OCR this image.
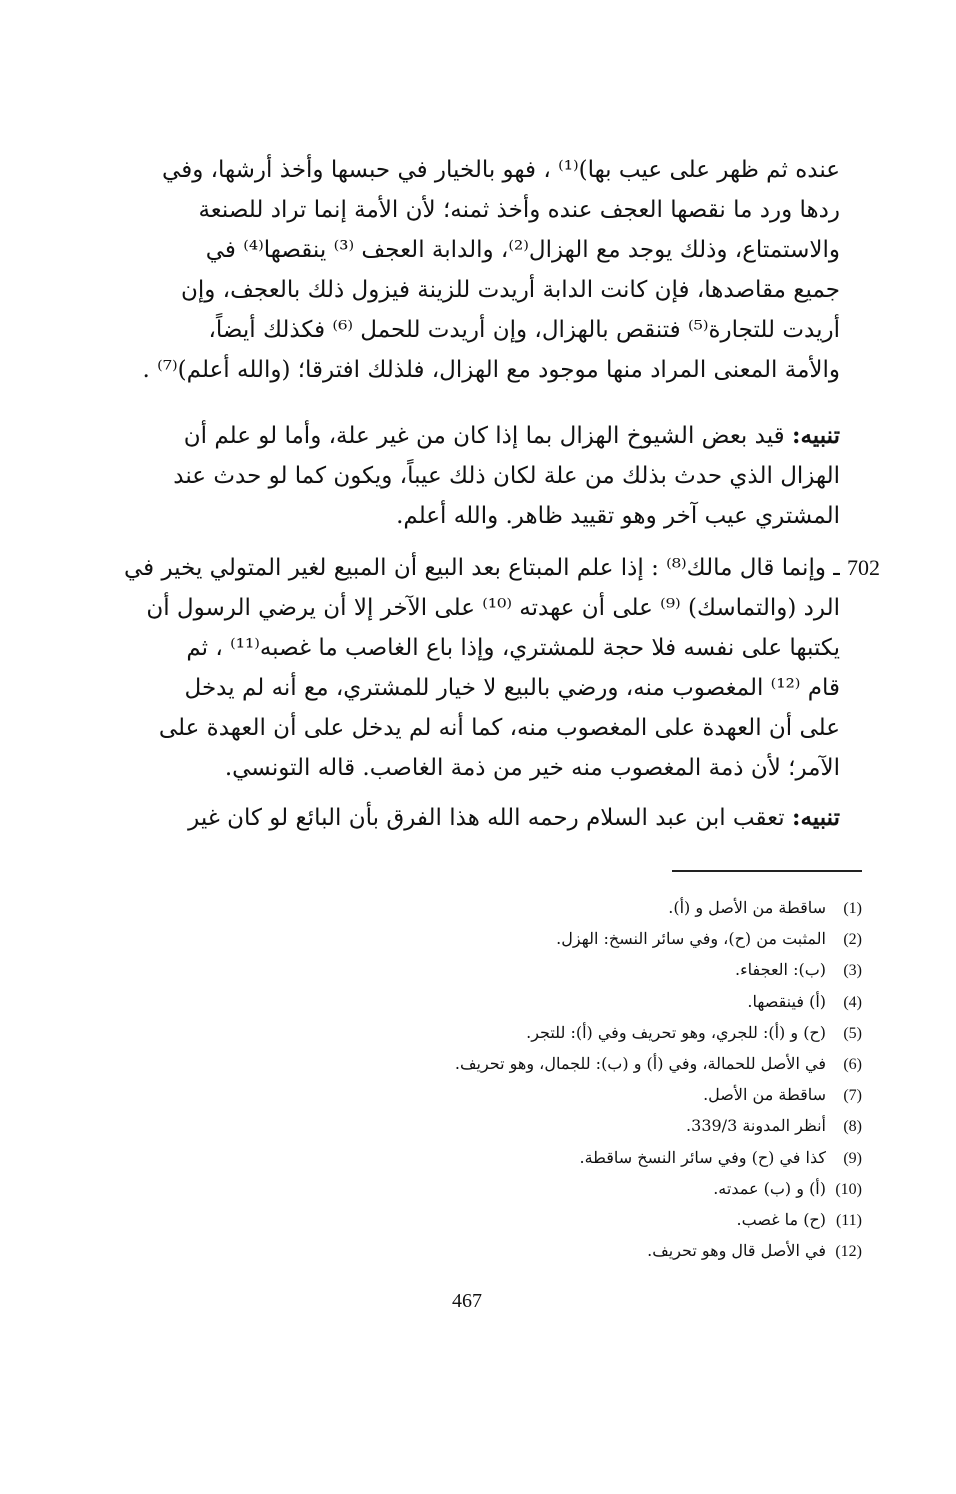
عنده ثم ظهر على عيب بها)⁽¹⁾ ، فهو بالخيار في حبسها وأخذ أرشها، وفي
ردها ورد ما نقصها العجف عنده وأخذ ثمنه؛ لأن الأمة إنما تراد للصنعة
والاستمتاع، وذلك يوجد مع الهزال⁽²⁾، والدابة العجف ⁽³⁾ ينقصها⁽⁴⁾ في
جميع مقاصدها، فإن كانت الدابة أريدت للزينة فيزول ذلك بالعجف، وإن
أريدت للتجارة⁽⁵⁾ فتنقص بالهزال، وإن أريدت للحمل ⁽⁶⁾ فكذلك أيضاً،
والأمة المعنى المراد منها موجود مع الهزال، فلذلك افترقا؛ (والله أعلم)⁽⁷⁾ .

تنبيه: قيد بعض الشيوخ الهزال بما إذا كان من غير علة، وأما لو علم أن
الهزال الذي حدث بذلك من علة لكان ذلك عيباً، ويكون كما لو حدث عند
المشتري عيب آخر وهو تقييد ظاهر. والله أعلم.

702

ـ وإنما قال مالك⁽⁸⁾ : إذا علم المبتاع بعد البيع أن المبيع لغير المتولي يخير في
الرد (والتماسك) ⁽⁹⁾ على أن عهدته ⁽¹⁰⁾ على الآخر إلا أن يرضي الرسول أن
يكتبها على نفسه فلا حجة للمشتري، وإذا باع الغاصب ما غصبه⁽¹¹⁾ ، ثم
قام ⁽¹²⁾ المغصوب منه، ورضي بالبيع لا خيار للمشتري، مع أنه لم يدخل
على أن العهدة على المغصوب منه، كما أنه لم يدخل على أن العهدة على
الآمر؛ لأن ذمة المغصوب منه خير من ذمة الغاصب. قاله التونسي.

تنبيه: تعقب ابن عبد السلام رحمه الله هذا الفرق بأن البائع لو كان غير

(1)ساقطة من الأصل و (أ).
(2)المثبت من (ح)، وفي سائر النسخ: الهزل.
(3)(ب): العجفاء.
(4)(أ) فينقصها.
(5)(ح) و (أ): للجري، وهو تحريف وفي (أ): للتجر.
(6)في الأصل للحمالة، وفي (أ) و (ب): للجمال، وهو تحريف.
(7)ساقطة من الأصل.
(8)أنظر المدونة 339/3.
(9)كذا في (ح) وفي سائر النسخ ساقطة.
(10)(أ) و (ب) عمدته.
(11)(ح) ما غصب.
(12)في الأصل قال وهو تحريف.
467
